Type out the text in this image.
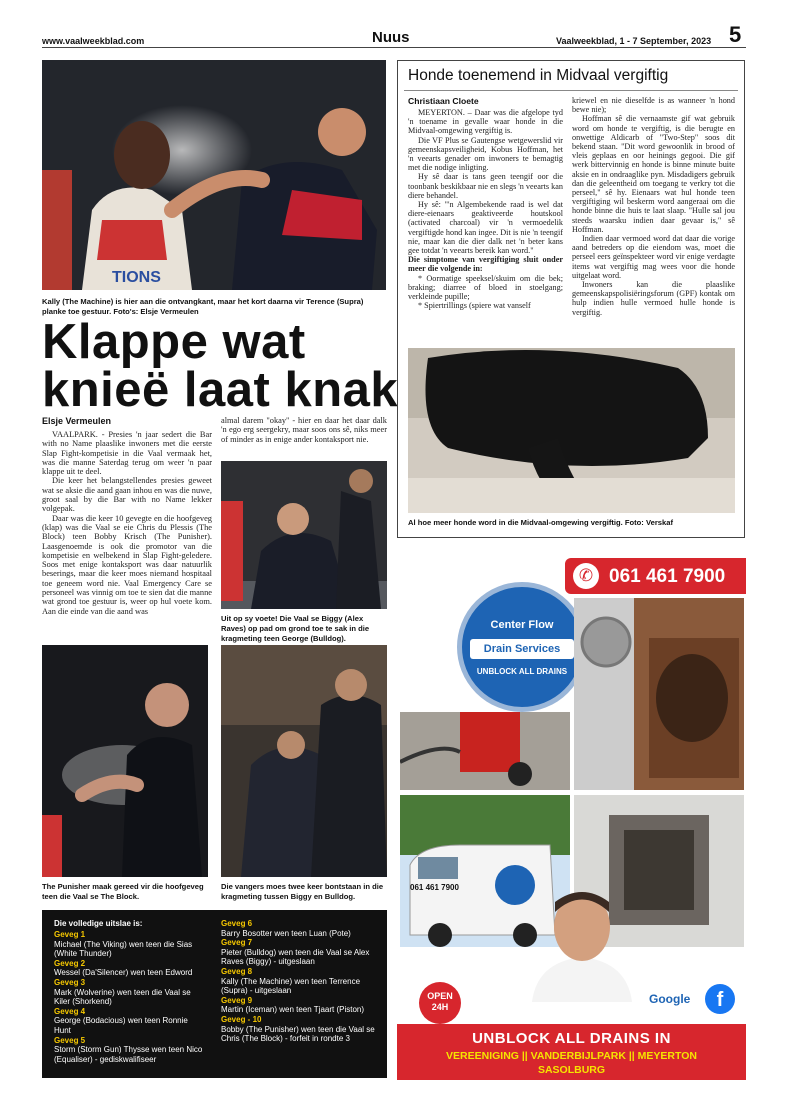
www.vaalweekblad.com	Nuus	Vaalweekblad, 1 - 7 September, 2023 5
TIONS
Kally (The Machine) is hier aan die ontvangkant, maar het kort daarna vir Terence (Supra) planke toe gestuur. Foto's: Elsje Vermeulen
Klappe wat
knieë laat knak
Elsje Vermeulen

VAALPARK. - Presies 'n jaar sedert die Bar with no Name plaaslike inwoners met die eerste Slap Fight-kompetisie in die Vaal vermaak het, was die manne Saterdag terug om weer 'n paar klappe uit te deel.

Die keer het belangstellendes presies geweet wat se aksie die aand gaan inhou en was die nuwe, groot saal by die Bar with no Name lekker volgepak.

Daar was die keer 10 gevegte en die hoofgeveg (klap) was die Vaal se eie Chris du Plessis (The Block) teen Bobby Krisch (The Punisher). Laasgenoemde is ook die promotor van die kompetisie en welbekend in Slap Fight-geledere. Soos met enige kontaksport was daar natuurlik beserings, maar die keer moes niemand hospitaal toe geneem word nie. Vaal Emergency Care se personeel was vinnig om toe te sien dat die manne wat grond toe gestuur is, weer op hul voete kom. Aan die einde van die aand was

almal darem "okay" - hier en daar het daar dalk 'n ego erg seergekry, maar soos ons sê, niks meer of minder as in enige ander kontaksport nie.

Uit op sy voete! Die Vaal se Biggy (Alex Raves) op pad om grond toe te sak in die kragmeting teen George (Bulldog).
The Punisher maak gereed vir die hoofgeveg teen die Vaal se The Block.
Die vangers moes twee keer bontstaan in die kragmeting tussen Biggy en Bulldog.
Die volledige uitslae is:
Geveg 1
Michael (The Viking) wen teen die Sias (White Thunder)
Geveg 2
Wessel (Da'Silencer) wen teen Edword
Geveg 3
Mark (Wolverine) wen teen die Vaal se Kiler (Shorkend)
Geveg 4
George (Bodacious) wen teen Ronnie Hunt
Geveg 5
Storm (Storm Gun) Thysse wen teen Nico (Equaliser) - gediskwalifiseer
Geveg 6
Barry Bosotter wen teen Luan (Pote)
Geveg 7
Pieter (Bulldog) wen teen die Vaal se Alex Raves (Biggy) - uitgeslaan
Geveg 8
Kally (The Machine) wen teen Terrence (Supra) - uitgeslaan
Geveg 9
Martin (Iceman) wen teen Tjaart (Piston)
Geveg - 10
Bobby (The Punisher) wen teen die Vaal se Chris (The Block) - forfeit in rondte 3
Honde toenemend in Midvaal vergiftig
Christiaan Cloete

MEYERTON. – Daar was die afgelope tyd 'n toename in gevalle waar honde in die Midvaal-omgewing vergiftig is.

Die VF Plus se Gautengse wetgewerslid vir gemeenskapsveiligheid, Kobus Hoffman, het 'n veearts genader om inwoners te bemagtig met die nodige inligting.

Hy sê daar is tans geen teengif oor die toonbank beskikbaar nie en slegs 'n veearts kan diere behandel.

Hy sê: "'n Algembekende raad is wel dat diere-eienaars geaktiveerde houtskool (activated charcoal) vir 'n vermoedelik vergiftigde hond kan ingee. Dit is nie 'n teengif nie, maar kan die dier dalk net 'n beter kans gee totdat 'n veearts bereik kan word."

Die simptome van vergiftiging sluit onder meer die volgende in:

* Oormatige speeksel/skuim om die bek; braking; diarree of bloed in stoelgang; verkleinde pupille;

* Spiertrillings (spiere wat vanself

kriewel en nie dieselfde is as wanneer 'n hond bewe nie);

Hoffman sê die vernaamste gif wat gebruik word om honde te vergiftig, is die berugte en onwettige Aldicarb of "Two-Step" soos dit bekend staan. "Dit word gewoonlik in brood of vleis geplaas en oor heinings gegooi. Die gif werk bittervinnig en honde is binne minute buite aksie en in ondraaglike pyn. Misdadigers gebruik dan die geleentheid om toegang te verkry tot die perseel," sê hy. Eienaars wat hul honde teen vergiftiging wil beskerm word aangeraai om die honde binne die huis te laat slaap. "Hulle sal jou steeds waarsku indien daar gevaar is," sê Hoffman.

Indien daar vermoed word dat daar die vorige aand betreders op die eiendom was, moet die perseel eers geïnspekteer word vir enige verdagte items wat vergiftig mag wees voor die honde uitgelaat word.

Inwoners kan die plaaslike gemeenskapspolisiëringsforum (GPF) kontak om hulp indien hulle vermoed hulle honde is vergiftig.

Al hoe meer honde word in die Midvaal-omgewing vergiftig. Foto: Verskaf
✆ 061 461 7900
Center Flow
Drain Services
UNBLOCK ALL DRAINS
061 461 7900
OPEN
24H
Google	f
UNBLOCK ALL DRAINS IN
VEREENIGING || VANDERBIJLPARK || MEYERTON
SASOLBURG
